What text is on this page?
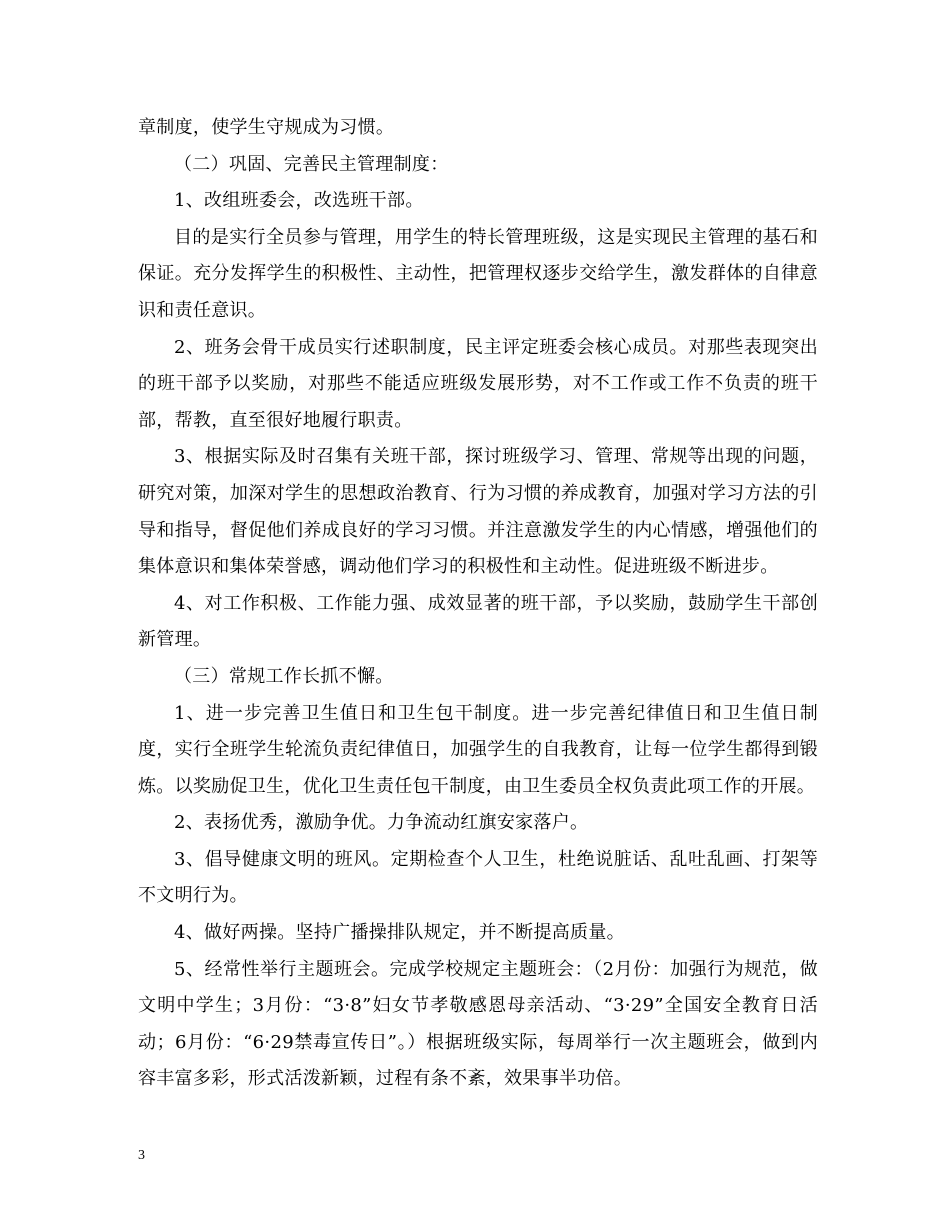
章制度，使学生守规成为习惯。

（二）巩固、完善民主管理制度：

1、改组班委会，改选班干部。

目的是实行全员参与管理，用学生的特长管理班级，这是实现民主管理的基石和保证。充分发挥学生的积极性、主动性，把管理权逐步交给学生，激发群体的自律意识和责任意识。

2、班务会骨干成员实行述职制度，民主评定班委会核心成员。对那些表现突出的班干部予以奖励，对那些不能适应班级发展形势，对不工作或工作不负责的班干部，帮教，直至很好地履行职责。

3、根据实际及时召集有关班干部，探讨班级学习、管理、常规等出现的问题，研究对策，加深对学生的思想政治教育、行为习惯的养成教育，加强对学习方法的引导和指导，督促他们养成良好的学习习惯。并注意激发学生的内心情感，增强他们的集体意识和集体荣誉感，调动他们学习的积极性和主动性。促进班级不断进步。

4、对工作积极、工作能力强、成效显著的班干部，予以奖励，鼓励学生干部创新管理。

（三）常规工作长抓不懈。

1、进一步完善卫生值日和卫生包干制度。进一步完善纪律值日和卫生值日制度，实行全班学生轮流负责纪律值日，加强学生的自我教育，让每一位学生都得到锻炼。以奖励促卫生，优化卫生责任包干制度，由卫生委员全权负责此项工作的开展。

2、表扬优秀，激励争优。力争流动红旗安家落户。

3、倡导健康文明的班风。定期检查个人卫生，杜绝说脏话、乱吐乱画、打架等不文明行为。

4、做好两操。坚持广播操排队规定，并不断提高质量。

5、经常性举行主题班会。完成学校规定主题班会：（2月份：加强行为规范，做文明中学生；3月份：“3·8”妇女节孝敬感恩母亲活动、“3·29”全国安全教育日活动；6月份：“6·29禁毒宣传日”。）根据班级实际，每周举行一次主题班会，做到内容丰富多彩，形式活泼新颖，过程有条不紊，效果事半功倍。

3
